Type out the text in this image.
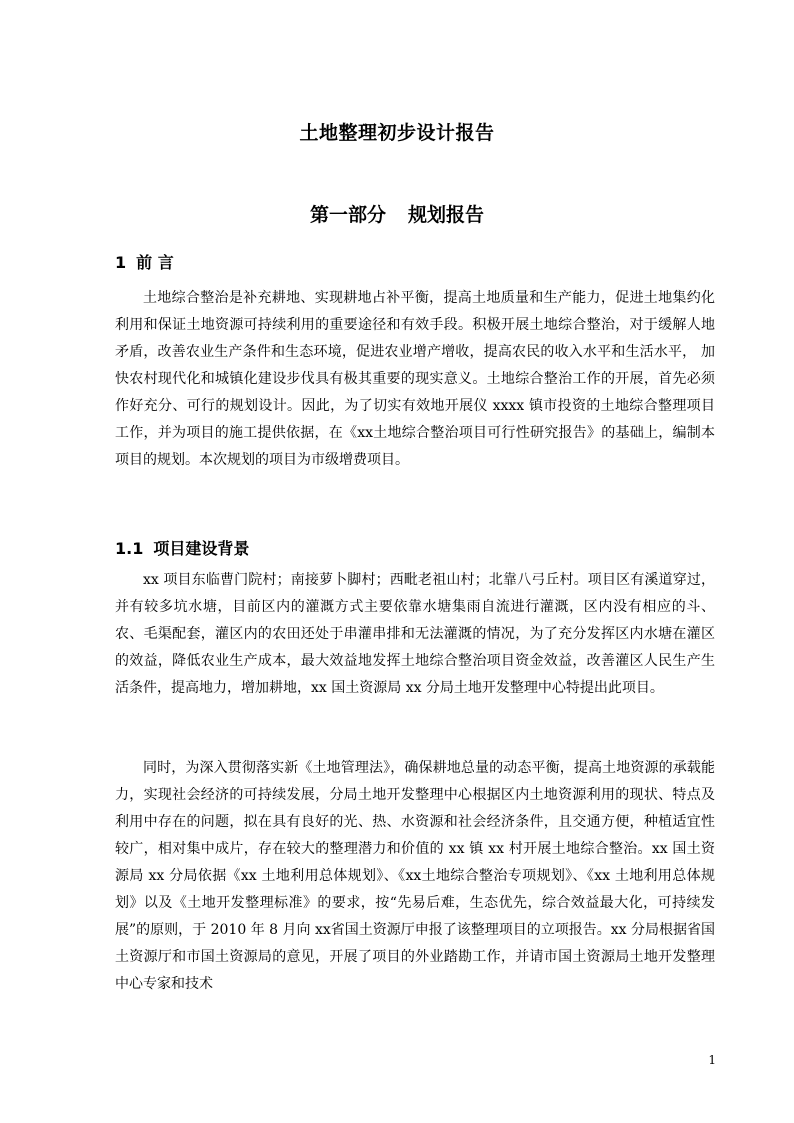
土地整理初步设计报告
第一部分 规划报告
1 前 言

土地综合整治是补充耕地、实现耕地占补平衡，提高土地质量和生产能力，促进土地集约化利用和保证土地资源可持续利用的重要途径和有效手段。积极开展土地综合整治，对于缓解人地矛盾，改善农业生产条件和生态环境，促进农业增产增收，提高农民的收入水平和生活水平， 加快农村现代化和城镇化建设步伐具有极其重要的现实意义。土地综合整治工作的开展，首先必须作好充分、可行的规划设计。因此，为了切实有效地开展仪 xxxx 镇市投资的土地综合整理项目工作，并为项目的施工提供依据，在《xx土地综合整治项目可行性研究报告》的基础上，编制本项目的规划。本次规划的项目为市级增费项目。

1.1 项目建设背景

xx 项目东临曹门院村；南接萝卜脚村；西毗老祖山村；北靠八弓丘村。项目区有溪道穿过，并有较多坑水塘，目前区内的灌溉方式主要依靠水塘集雨自流进行灌溉，区内没有相应的斗、农、毛渠配套，灌区内的农田还处于串灌串排和无法灌溉的情况，为了充分发挥区内水塘在灌区的效益，降低农业生产成本，最大效益地发挥土地综合整治项目资金效益，改善灌区人民生产生活条件，提高地力，增加耕地，xx 国土资源局 xx 分局土地开发整理中心特提出此项目。

同时，为深入贯彻落实新《土地管理法》，确保耕地总量的动态平衡，提高土地资源的承载能力，实现社会经济的可持续发展，分局土地开发整理中心根据区内土地资源利用的现状、特点及利用中存在的问题，拟在具有良好的光、热、水资源和社会经济条件，且交通方便，种植适宜性较广，相对集中成片，存在较大的整理潜力和价值的 xx 镇 xx 村开展土地综合整治。xx 国土资源局 xx 分局依据《xx 土地利用总体规划》、《xx土地综合整治专项规划》、《xx 土地利用总体规划》以及《土地开发整理标准》的要求，按“先易后难，生态优先，综合效益最大化，可持续发展”的原则，于 2010 年 8 月向 xx省国土资源厅申报了该整理项目的立项报告。xx 分局根据省国土资源厅和市国土资源局的意见，开展了项目的外业踏勘工作，并请市国土资源局土地开发整理中心专家和技术

1
